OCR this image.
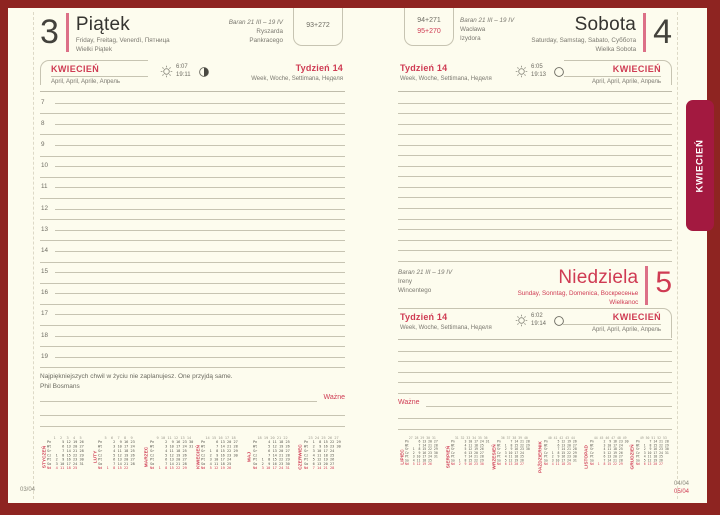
3 Piątek
Friday, Freitag, Venerdì, Пятница
Wielki Piątek
Baran 21 III – 19 IV
Ryszarda
Pankracego
93+272
KWIECIEŃ
April, April, Aprile, Апрель
6:07
19:11
Tydzień 14
Week, Woche, Settimana, Неделя
7
8
9
10
11
12
13
14
15
16
17
18
19
Najpiękniejszych chwil w życiu nie zaplanujesz. One przyjdą same.
Phil Bosmans
Ważne
STYCZEŃ
1  2  3  4  5
Pn     5 12 19 26
Wt     6 13 20 27
Śr     7 14 21 28
Cz  1  8 15 22 29
Pt  2  9 16 23 30
So  3 10 17 24 31
Nd  4 11 18 25
LUTY
5  6  7  8  9
Pn     2  9 16 23
Wt     3 10 17 24
Śr     4 11 18 25
Cz     5 12 19 26
Pt     6 13 20 27
So     7 14 21 28
Nd  1  8 15 22
MARZEC
9 10 11 12 13 14
Pn     2  9 16 23 30
Wt     3 10 17 24 31
Śr     4 11 18 25
Cz     5 12 19 26
Pt     6 13 20 27
So     7 14 21 28
Nd  1  8 15 22 29 KWIECIEŃ
14 15 16 17 18
Pn     6 13 20 27
Wt     7 14 21 28
Śr  1  8 15 22 29
Cz  2  9 16 23 30
Pt  3 10 17 24
So  4 11 18 25
Nd  5 12 19 26
MAJ
18 19 20 21 22
Pn     4 11 18 25
Wt     5 12 19 26
Śr     6 13 20 27
Cz     7 14 21 28
Pt  1  8 15 22 29
So  2  9 16 23 30
Nd  3 10 17 24 31 CZERWIEC
23 24 25 26 27
Pn  1  8 15 22 29
Wt  2  9 16 23 30
Śr  3 10 17 24
Cz  4 11 18 25
Pt  5 12 19 26
So  6 13 20 27
Nd  7 14 21 28
94+271
95+270
Baran 21 III – 19 IV
Wacława
Izydora
Sobota
Saturday, Samstag, Sabato, Суббота
Wielka Sobota 4
Tydzień 14
Week, Woche, Settimana, Неделя
6:05
19:13
KWIECIEŃ
April, April, Aprile, Апрель
Baran 21 III – 19 IV
Ireny
Wincentego
Niedziela
Sunday, Sonntag, Domenica, Воскресенье
Wielkanoc
5
Tydzień 14
Week, Woche, Settimana, Неделя
6:02
19:14
KWIECIEŃ
April, April, Aprile, Апрель
Ważne
LIPIEC
27 28 29 30 31
Pn     6 13 20 27
Wt     7 14 21 28
Śr  1  8 15 22 29
Cz  2  9 16 23 30
Pt  3 10 17 24 31
So  4 11 18 25
Nd  5 12 19 26 SIERPIEŃ
31 32 33 34 35 36
Pn     3 10 17 24 31
Wt     4 11 18 25
Śr     5 12 19 26
Cz     6 13 20 27
Pt     7 14 21 28
So  1  8 15 22 29
Nd  2  9 16 23 30 WRZESIEŃ
36 37 38 39 40
Pn     7 14 21 28
Wt  1  8 15 22 29
Śr  2  9 16 23 30
Cz  3 10 17 24
Pt  4 11 18 25
So  5 12 19 26
Nd  6 13 20 27 PAŹDZIERNIK
40 41 42 43 44
Pn     5 12 19 26
Wt     6 13 20 27
Śr     7 14 21 28
Cz  1  8 15 22 29
Pt  2  9 16 23 30
So  3 10 17 24 31
Nd  4 11 18 25 LISTOPAD
44 45 46 47 48 49
Pn     2  9 16 23 30
Wt     3 10 17 24
Śr     4 11 18 25
Cz     5 12 19 26
Pt     6 13 20 27
So     7 14 21 28
Nd  1  8 15 22 29 GRUDZIEŃ
49 50 51 52 53
Pn     7 14 21 28
Wt  1  8 15 22 29
Śr  2  9 16 23 30
Cz  3 10 17 24 31
Pt  4 11 18 25
So  5 12 19 26
Nd  6 13 20 27
KWIECIEŃ
03/04
04/04
05/04
